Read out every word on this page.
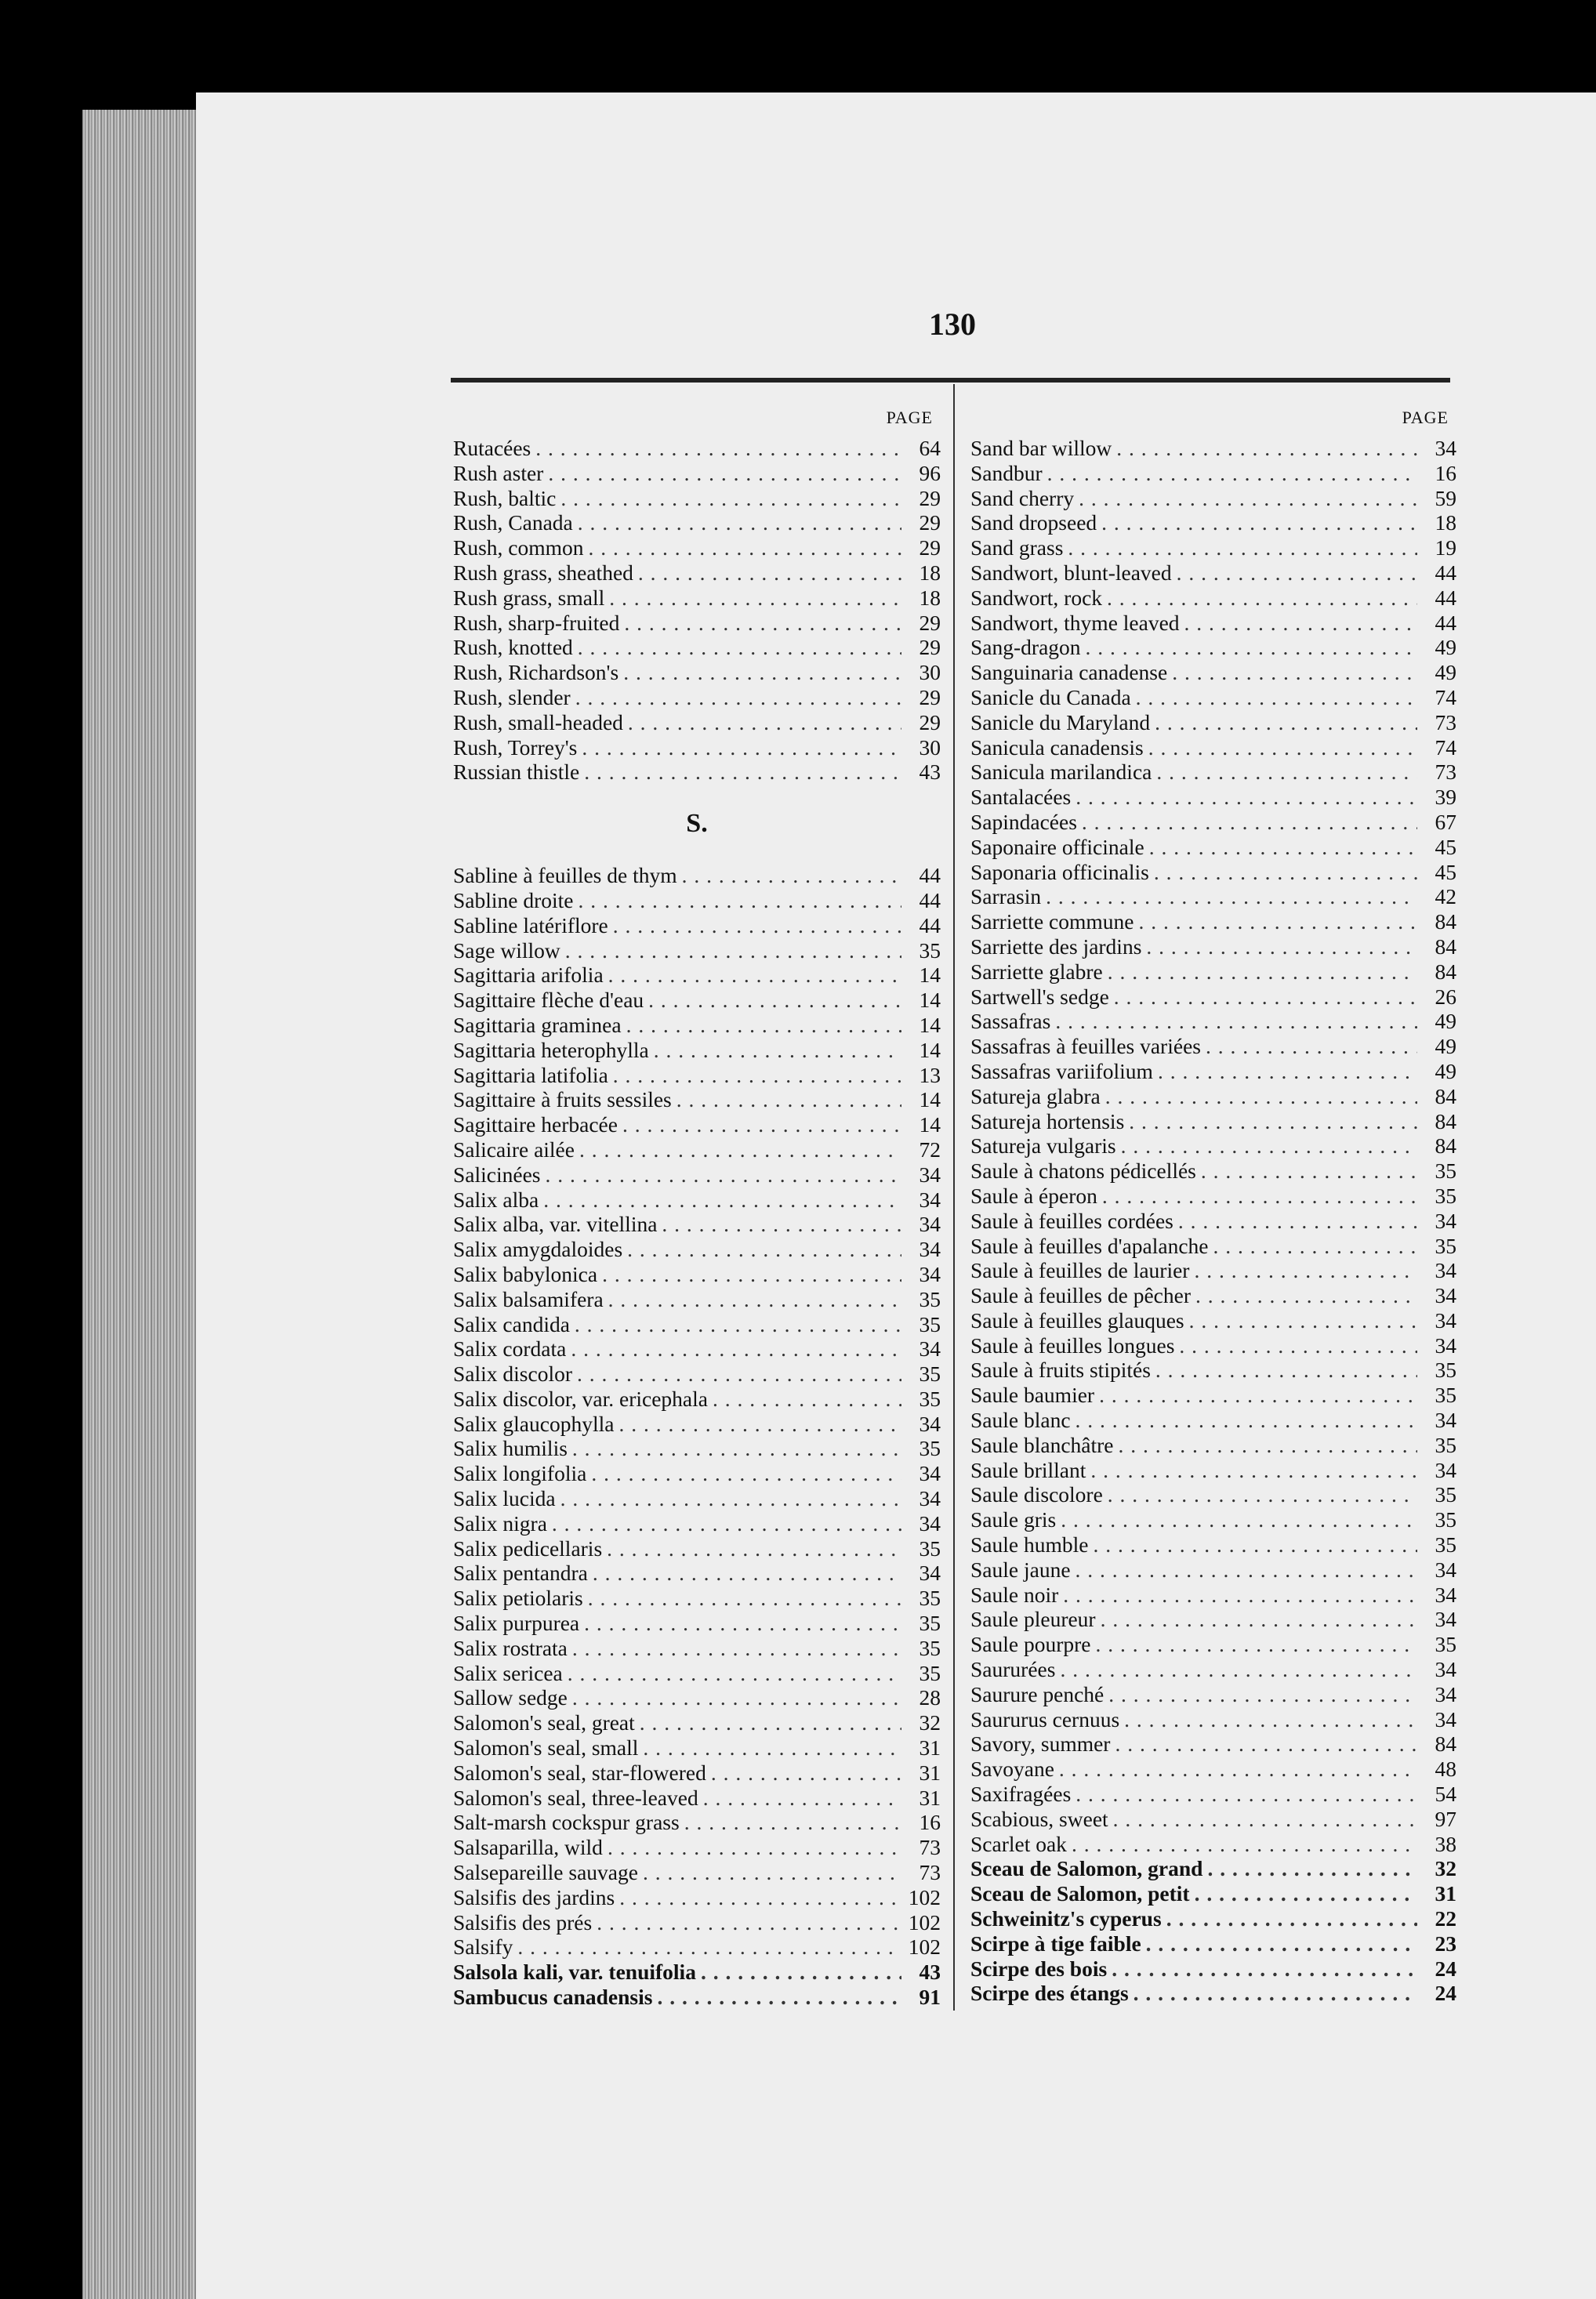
130
PAGE
Rutacées . . .	64
Rush aster . . .	96
Rush, baltic . . .	29
Rush, Canada . . .	29
Rush, common . . .	29
Rush grass, sheathed . . .	18
Rush grass, small . . .	18
Rush, sharp-fruited . . .	29
Rush, knotted . . .	29
Rush, Richardson's . . .	30
Rush, slender . . .	29
Rush, small-headed . . .	29
Rush, Torrey's . . .	30
Russian thistle . . .	43
S.
Sabline à feuilles de thym . . .	44
Sabline droite . . .	44
Sabline latériflore . . .	44
Sage willow . . .	35
Sagittaria arifolia . . .	14
Sagittaire flèche d'eau . . .	14
Sagittaria graminea . . .	14
Sagittaria heterophylla . . .	14
Sagittaria latifolia . . .	13
Sagittaire à fruits sessiles . . .	14
Sagittaire herbacée . . .	14
Salicaire ailée . . .	72
Salicinées . . .	34
Salix alba . . .	34
Salix alba, var. vitellina . . .	34
Salix amygdaloides . . .	34
Salix babylonica . . .	34
Salix balsamifera . . .	35
Salix candida . . .	35
Salix cordata . . .	34
Salix discolor . . .	35
Salix discolor, var. ericephala . . .	35
Salix glaucophylla . . .	34
Salix humilis . . .	35
Salix longifolia . . .	34
Salix lucida . . .	34
Salix nigra . . .	34
Salix pedicellaris . . .	35
Salix pentandra . . .	34
Salix petiolaris . . .	35
Salix purpurea . . .	35
Salix rostrata . . .	35
Salix sericea . . .	35
Sallow sedge . . .	28
Salomon's seal, great . . .	32
Salomon's seal, small . . .	31
Salomon's seal, star-flowered . . .	31
Salomon's seal, three-leaved . . .	31
Salt-marsh cockspur grass . . .	16
Salsaparilla, wild . . .	73
Salsepareille sauvage . . .	73
Salsifis des jardins . . .	102
Salsifis des prés . . .	102
Salsify . . .	102
Salsola kali, var. tenuifolia . . .	43
Sambucus canadensis . . .	91
PAGE
Sand bar willow . . .	34
Sandbur . . .	16
Sand cherry . . .	59
Sand dropseed . . .	18
Sand grass . . .	19
Sandwort, blunt-leaved . . .	44
Sandwort, rock . . .	44
Sandwort, thyme leaved . . .	44
Sang-dragon . . .	49
Sanguinaria canadense . . .	49
Sanicle du Canada . . .	74
Sanicle du Maryland . . .	73
Sanicula canadensis . . .	74
Sanicula marilandica . . .	73
Santalacées . . .	39
Sapindacées . . .	67
Saponaire officinale . . .	45
Saponaria officinalis . . .	45
Sarrasin . . .	42
Sarriette commune . . .	84
Sarriette des jardins . . .	84
Sarriette glabre . . .	84
Sartwell's sedge . . .	26
Sassafras . . .	49
Sassafras à feuilles variées . . .	49
Sassafras variifolium . . .	49
Satureja glabra . . .	84
Satureja hortensis . . .	84
Satureja vulgaris . . .	84
Saule à chatons pédicellés . . .	35
Saule à éperon . . .	35
Saule à feuilles cordées . . .	34
Saule à feuilles d'apalanche . . .	35
Saule à feuilles de laurier . . .	34
Saule à feuilles de pêcher . . .	34
Saule à feuilles glauques . . .	34
Saule à feuilles longues . . .	34
Saule à fruits stipités . . .	35
Saule baumier . . .	35
Saule blanc . . .	34
Saule blanchâtre . . .	35
Saule brillant . . .	34
Saule discolore . . .	35
Saule gris . . .	35
Saule humble . . .	35
Saule jaune . . .	34
Saule noir . . .	34
Saule pleureur . . .	34
Saule pourpre . . .	35
Saururées . . .	34
Saurure penché . . .	34
Saururus cernuus . . .	34
Savory, summer . . .	84
Savoyane . . .	48
Saxifragées . . .	54
Scabious, sweet . . .	97
Scarlet oak . . .	38
Sceau de Salomon, grand . . .	32
Sceau de Salomon, petit . . .	31
Schweinitz's cyperus . . .	22
Scirpe à tige faible . . .	23
Scirpe des bois . . .	24
Scirpe des étangs . . .	24
